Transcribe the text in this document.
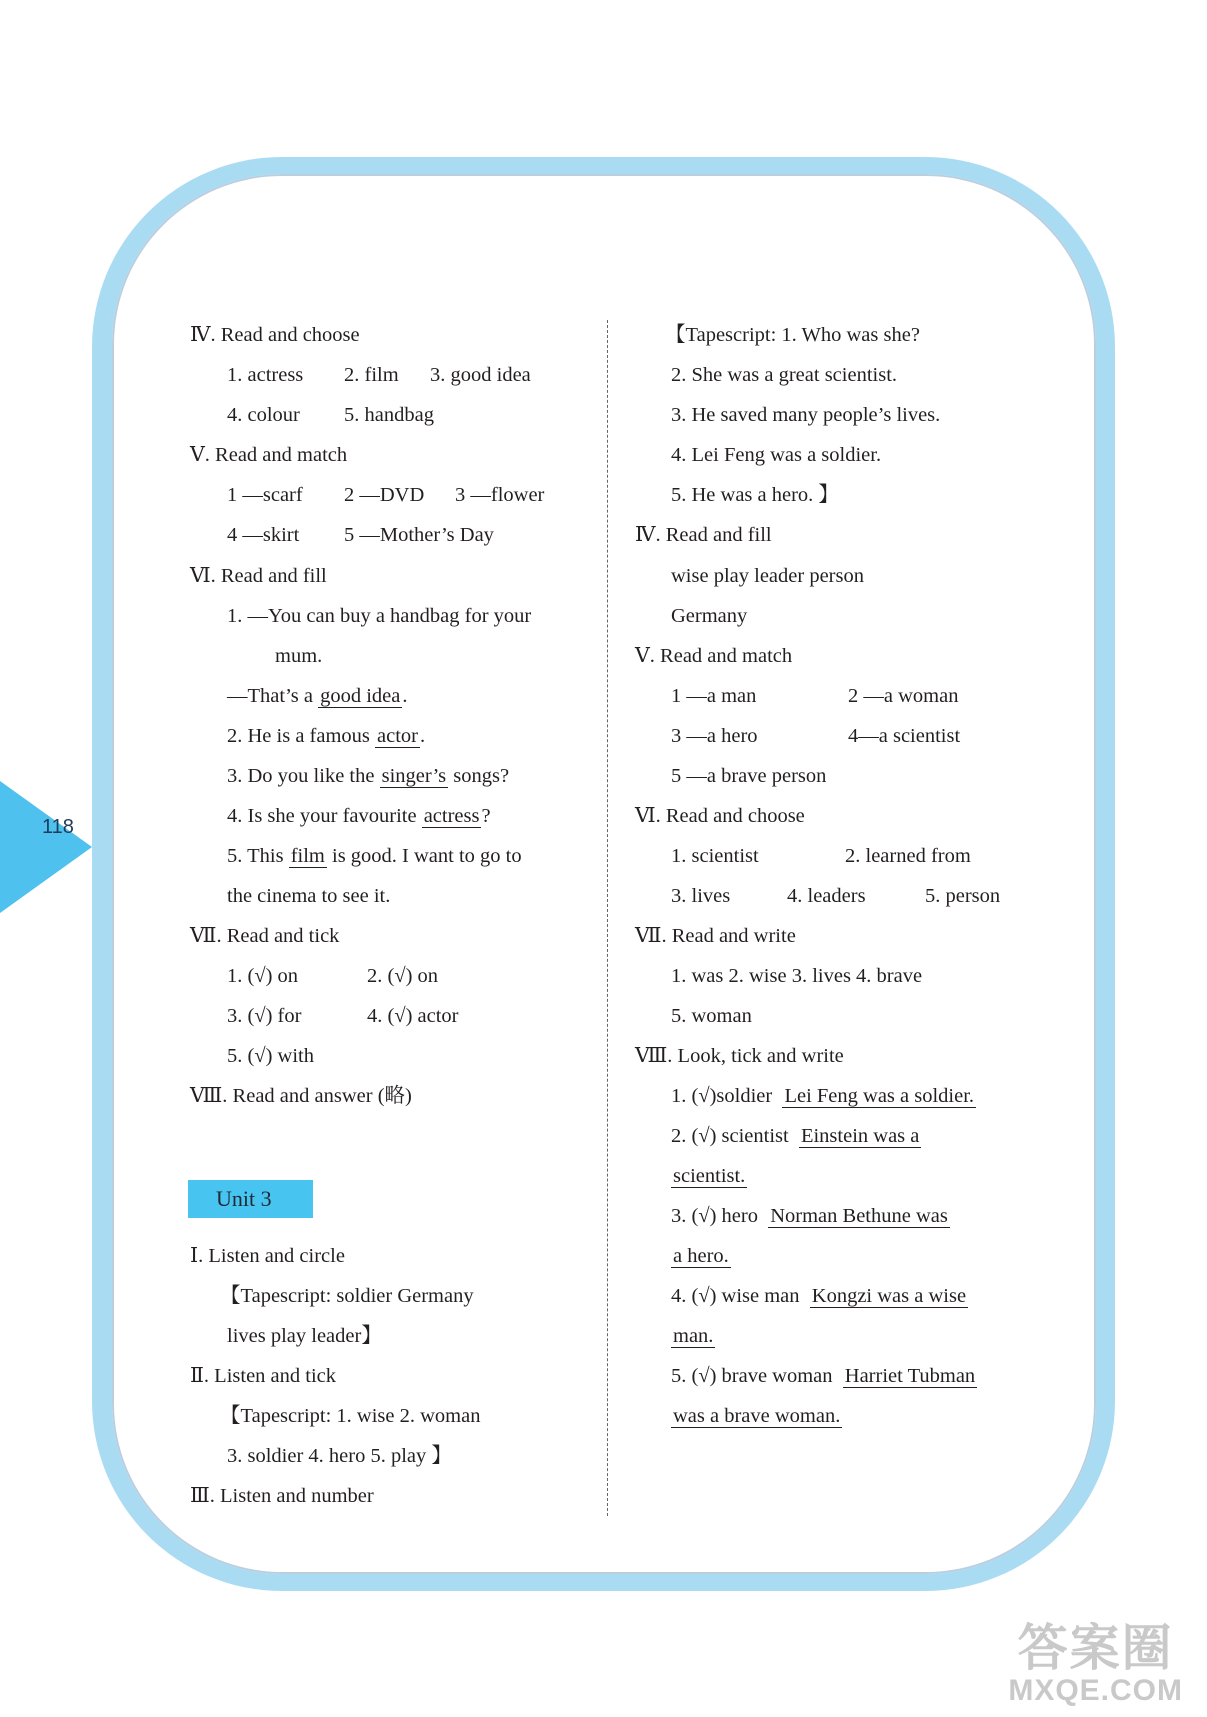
118
Ⅳ. Read and choose
1. actress 2. film 3. good idea
4. colour 5. handbag
Ⅴ. Read and match
1 —scarf 2 —DVD 3 —flower
4 —skirt 5 —Mother’s Day
Ⅵ. Read and fill
1. —You can buy a handbag for your
mum.
—That’s a good idea.
2. He is a famous actor.
3. Do you like the singer’s songs?
4. Is she your favourite actress?
5. This film is good. I want to go to
the cinema to see it.
Ⅶ. Read and tick
1. (√) on	2. (√) on
3. (√) for	4. (√) actor
5. (√) with
Ⅷ. Read and answer (略)
Unit 3
Ⅰ. Listen and circle
【Tapescript: soldier Germany
lives play leader】
Ⅱ. Listen and tick
【Tapescript: 1. wise 2. woman
3. soldier 4. hero 5. play 】
Ⅲ. Listen and number
【Tapescript: 1. Who was she?
2. She was a great scientist.
3. He saved many people’s lives.
4. Lei Feng was a soldier.
5. He was a hero. 】
Ⅳ. Read and fill
wise play leader person
Germany
Ⅴ. Read and match
1 —a man	2 —a woman
3 —a hero	4—a scientist
5 —a brave person
Ⅵ. Read and choose
1. scientist	2. learned from
3. lives	4. leaders	5. person
Ⅶ. Read and write
1. was 2. wise 3. lives 4. brave
5. woman
Ⅷ. Look, tick and write
1. (√)soldier  Lei Feng was a soldier.
2. (√) scientist  Einstein was a
scientist.
3. (√) hero  Norman Bethune was
a hero.
4. (√) wise man  Kongzi was a wise
man.
5. (√) brave woman  Harriet Tubman
was a brave woman.
答案圈
MXQE.COM
